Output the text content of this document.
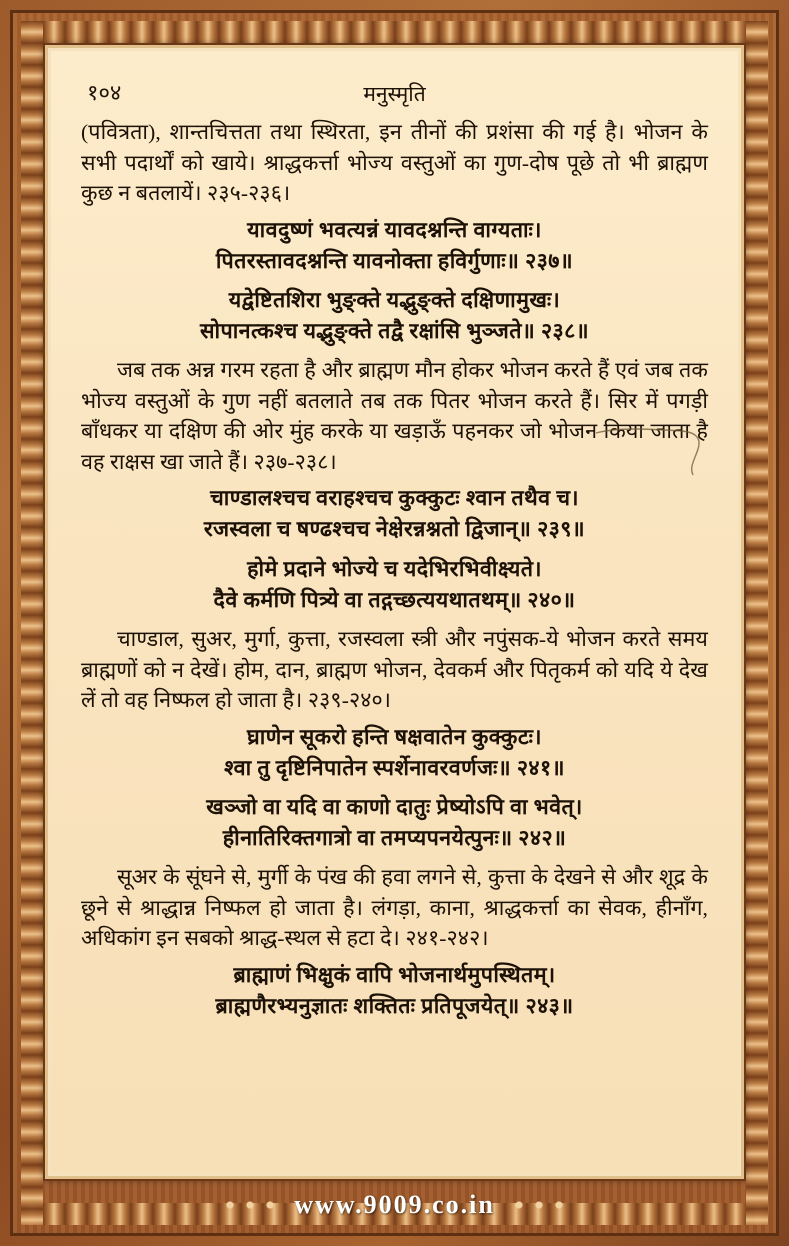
१०४	मनुस्मृति

(पवित्रता), शान्तचित्तता तथा स्थिरता, इन तीनों की प्रशंसा की गई है। भोजन के सभी पदार्थों को खाये। श्राद्धकर्त्ता भोज्य वस्तुओं का गुण-दोष पूछे तो भी ब्राह्मण कुछ न बतलायें। २३५-२३६।

यावदुष्णं भवत्यन्नं यावदश्नन्ति वाग्यताः।

पितरस्तावदश्नन्ति यावनोक्ता हविर्गुणाः॥ २३७॥

यद्वेष्टितशिरा भुङ्क्ते यद्भुङ्क्ते दक्षिणामुखः।

सोपानत्कश्च यद्भुङ्क्ते तद्वै रक्षांसि भुञ्जते॥ २३८॥

जब तक अन्न गरम रहता है और ब्राह्मण मौन होकर भोजन करते हैं एवं जब तक भोज्य वस्तुओं के गुण नहीं बतलाते तब तक पितर भोजन करते हैं। सिर में पगड़ी बाँधकर या दक्षिण की ओर मुंह करके या खड़ाऊँ पहनकर जो भोजन किया जाता है वह राक्षस खा जाते हैं। २३७-२३८।

चाण्डालश्चच वराहश्चच कुक्कुटः श्वान तथैव च।

रजस्वला च षण्ढश्चच नेक्षेरन्नश्नतो द्विजान्॥ २३९॥

होमे प्रदाने भोज्ये च यदेभिरभिवीक्ष्यते।

दैवे कर्मणि पित्र्ये वा तद्गच्छत्ययथातथम्॥ २४०॥

चाण्डाल, सुअर, मुर्गा, कुत्ता, रजस्वला स्त्री और नपुंसक-ये भोजन करते समय ब्राह्मणों को न देखें। होम, दान, ब्राह्मण भोजन, देवकर्म और पितृकर्म को यदि ये देख लें तो वह निष्फल हो जाता है। २३९-२४०।

घ्राणेन सूकरो हन्ति षक्षवातेन कुक्कुटः।

श्वा तु दृष्टिनिपातेन स्पर्शेनावरवर्णजः॥ २४१॥

खञ्जो वा यदि वा काणो दातुः प्रेष्योऽपि वा भवेत्।

हीनातिरिक्तगात्रो वा तमप्यपनयेत्पुनः॥ २४२॥

सूअर के सूंघने से, मुर्गी के पंख की हवा लगने से, कुत्ता के देखने से और शूद्र के छूने से श्राद्धान्न निष्फल हो जाता है। लंगड़ा, काना, श्राद्धकर्त्ता का सेवक, हीनाँग, अधिकांग इन सबको श्राद्ध-स्थल से हटा दे। २४१-२४२।

ब्राह्माणं भिक्षुकं वापि भोजनार्थमुपस्थितम्।

ब्राह्मणैरभ्यनुज्ञातः शक्तितः प्रतिपूजयेत्॥ २४३॥

www.9009.co.in
